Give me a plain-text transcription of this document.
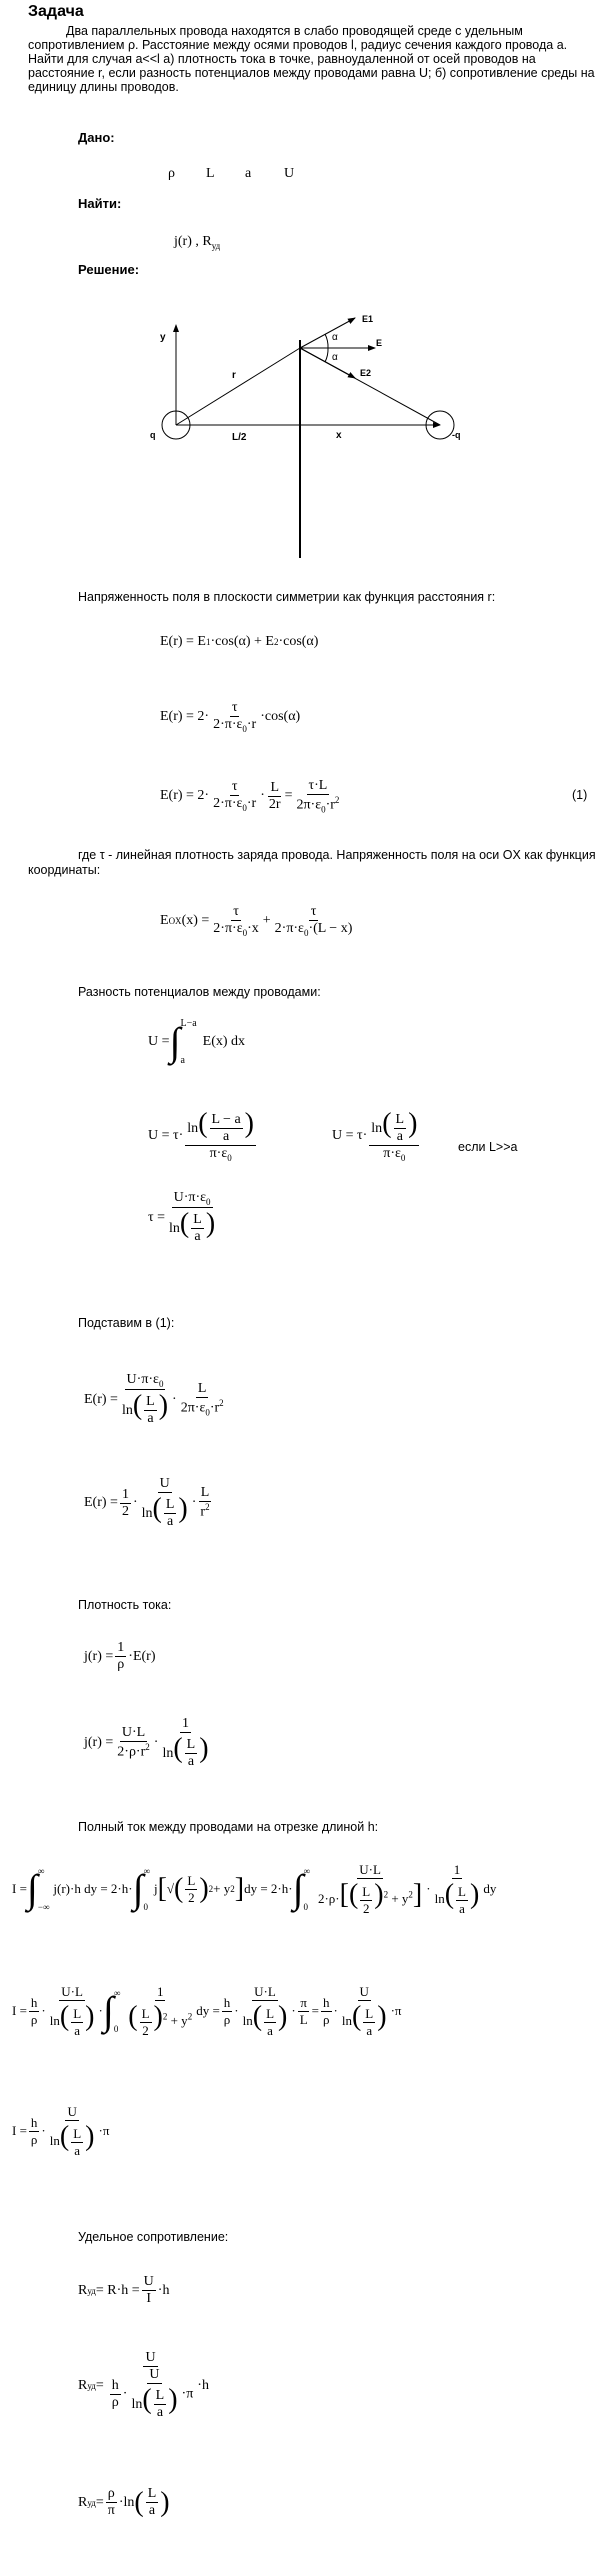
Задача
Два параллельных провода находятся в слабо проводящей среде с удельным сопротивлением ρ. Расстояние между осями проводов l, радиус сечения каждого провода a. Найти для случая a<<l а) плотность тока в точке, равноудаленной от осей проводов на расстояние r, если разность потенциалов между проводами равна U; б) сопротивление среды на единицу длины проводов.
Дано:
ρ L a U
Найти:
j(r) , $R_{уд}$
Решение:
y
r
E1
E
E2
α
α
q	-q
L/2	x
Напряженность поля в плоскости симметрии как функция расстояния r:
E(r) = E 1 ·cos(α) + E 2 ·cos(α)
$E(r) = 2\cdot \frac{\tau}{2\cdot\pi\cdot\varepsilon_0\cdot r} \cdot\cos(\alpha)$
$E(r) = 2\cdot \frac{\tau}{2\cdot\pi\cdot\varepsilon_0\cdot r} \cdot \frac{L}{2r} = \frac{\tau\cdot L}{2\pi\cdot\varepsilon_0\cdot r^2}$	(1)
где τ - линейная плотность заряда провода. Напряженность поля на оси OX как функция координаты:
E OX $(x) = \frac{\tau}{2\cdot\pi\cdot\varepsilon_0\cdot x} + \frac{\tau}{2\cdot\pi\cdot\varepsilon_0\cdot(L - x)}$
Разность потенциалов между проводами:
U = ∫ L−a
a
E(x) dx
$U = \tau\cdot \frac{\ln( \frac{L - a}{a} )}{\pi\cdot\varepsilon_0}$	$U = \tau\cdot \frac{\ln( \frac{L}{a} )}{\pi\cdot\varepsilon_0}$	если L>>a
$\tau = \frac{U\cdot\pi\cdot\varepsilon_0}{\ln( \frac{L}{a} )}$
Подставим в (1):
$E(r) = \frac{U\cdot\pi\cdot\varepsilon_0}{\ln( \frac{L}{a} )} \cdot \frac{L}{2\pi\cdot\varepsilon_0\cdot r^2}$
$E(r) = \frac{1}{2} \cdot \frac{U}{\ln( \frac{L}{a} )} \cdot \frac{L}{r^2}$
Плотность тока:
$j(r) = \frac{1}{\rho} \cdot E(r)$
$j(r) = \frac{U\cdot L}{2\cdot\rho\cdot r^2} \cdot \frac{1}{\ln( \frac{L}{a} )}$
Полный ток между проводами на отрезке длиной h:
I = ∫ ∞
−∞
j(r)·h dy = 2·h· ∫ ∞
0
j [ √ ( $\frac{L}{2}$ ) 2 + y 2 ] dy = 2·h· ∫ ∞
$0 \frac{U\cdot L}{2\cdot\rho\cdot[( \frac{L}{2} )^2 + y^2]} \cdot \frac{1}{\ln( \frac{L}{a} )}$ dy
$I = \frac{h}{\rho} \cdot \frac{U\cdot L}{\ln( \frac{L}{a} )}$ · ∫ ∞
$0 \frac{1}{( \frac{L}{2} )^2 + y^2}$ dy = $\frac{h}{\rho} \cdot \frac{U\cdot L}{\ln( \frac{L}{a} )} \cdot \frac{\pi}{L} = \frac{h}{\rho} \cdot \frac{U}{\ln( \frac{L}{a} )} \cdot\pi$
$I = \frac{h}{\rho} \cdot \frac{U}{\ln( \frac{L}{a} )} \cdot\pi$
Удельное сопротивление:
R уд = $R\cdot h = \frac{U}{I} \cdot h$
R уд = $\frac{U}{\frac{h}{\rho} \cdot \frac{U}{\ln( \frac{L}{a} )} \cdot\pi} \cdot h$
R уд = $\frac{\rho}{\pi} \cdot\ln$ ( $\frac{L}{a}$ )
